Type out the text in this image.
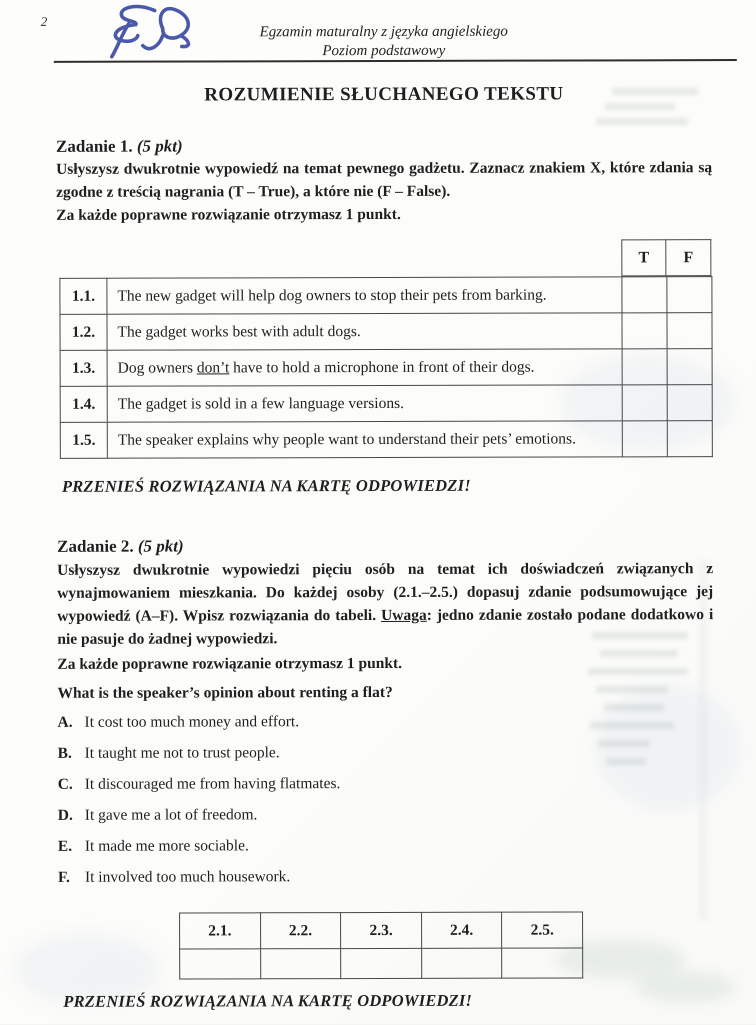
2
Egzamin maturalny z języka angielskiego
Poziom podstawowy
ROZUMIENIE SŁUCHANEGO TEKSTU
Zadanie 1. (5 pkt)
Usłyszysz dwukrotnie wypowiedź na temat pewnego gadżetu. Zaznacz znakiem X, które zdania są zgodne z treścią nagrania (T – True), a które nie (F – False).
Za każde poprawne rozwiązanie otrzymasz 1 punkt.
T	F
1.1.	The new gadget will help dog owners to stop their pets from barking.		
1.2.	The gadget works best with adult dogs.		
1.3.	Dog owners don’t have to hold a microphone in front of their dogs.		
1.4.	The gadget is sold in a few language versions.		
1.5.	The speaker explains why people want to understand their pets’ emotions.		
PRZENIEŚ ROZWIĄZANIA NA KARTĘ ODPOWIEDZI!
Zadanie 2. (5 pkt)
Usłyszysz dwukrotnie wypowiedzi pięciu osób na temat ich doświadczeń związanych z wynajmowaniem mieszkania. Do każdej osoby (2.1.–2.5.) dopasuj zdanie podsumowujące jej wypowiedź (A–F). Wpisz rozwiązania do tabeli. Uwaga: jedno zdanie zostało podane dodatkowo i nie pasuje do żadnej wypowiedzi.
Za każde poprawne rozwiązanie otrzymasz 1 punkt.
What is the speaker’s opinion about renting a flat?
A. It cost too much money and effort.
B. It taught me not to trust people.
C. It discouraged me from having flatmates.
D. It gave me a lot of freedom.
E. It made me more sociable.
F. It involved too much housework.
2.1.	2.2.	2.3.	2.4.	2.5.

PRZENIEŚ ROZWIĄZANIA NA KARTĘ ODPOWIEDZI!
